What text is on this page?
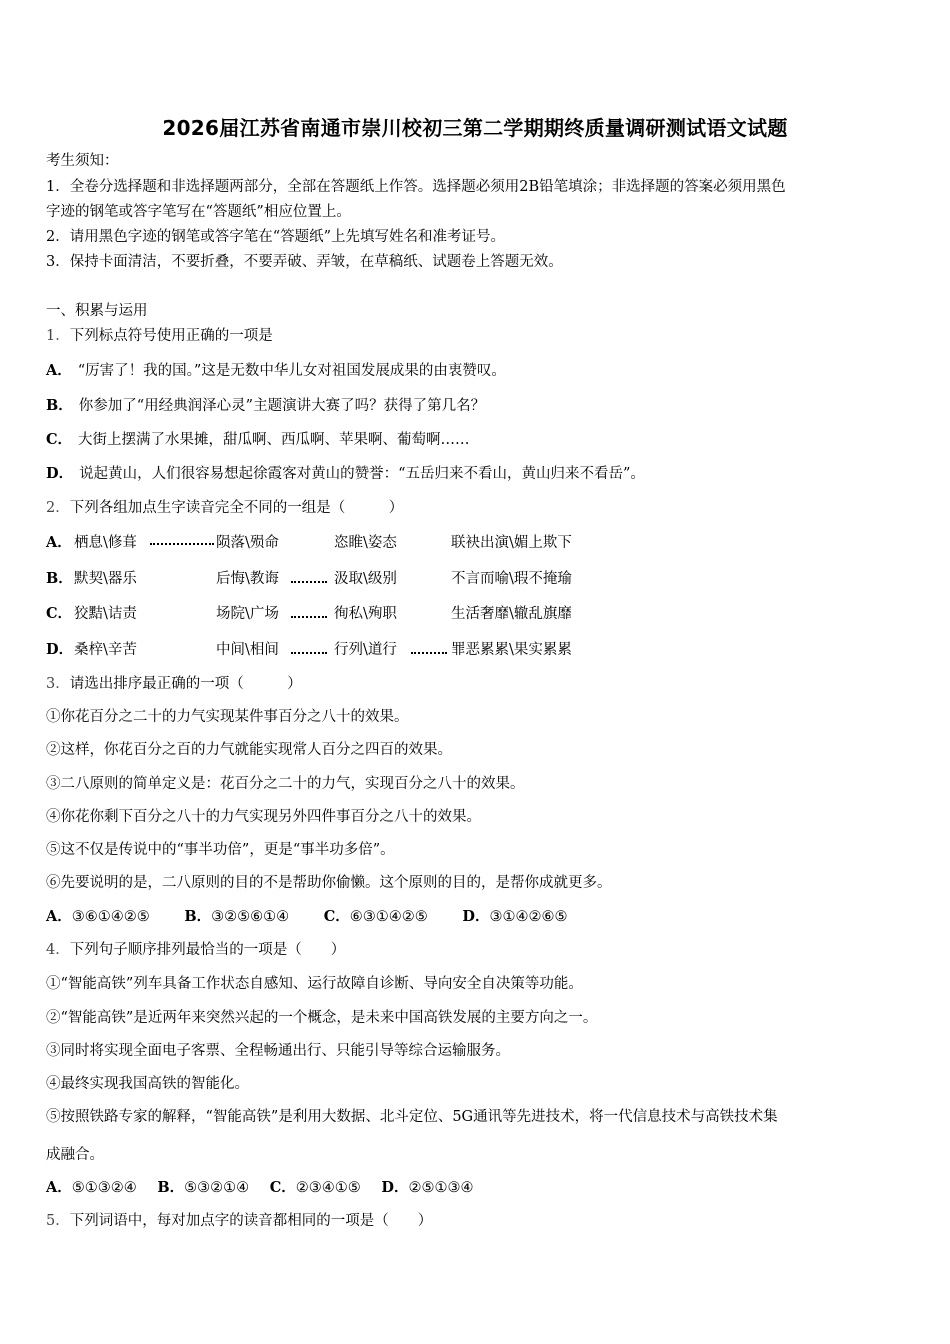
2026届江苏省南通市崇川校初三第二学期期终质量调研测试语文试题
考生须知：
1．全卷分选择题和非选择题两部分，全部在答题纸上作答。选择题必须用2B铅笔填涂；非选择题的答案必须用黑色
字迹的钢笔或答字笔写在“答题纸”相应位置上。
2．请用黑色字迹的钢笔或答字笔在“答题纸”上先填写姓名和准考证号。
3．保持卡面清洁，不要折叠，不要弄破、弄皱，在草稿纸、试题卷上答题无效。
一、积累与运用
1．下列标点符号使用正确的一项是
A． “厉害了！我的国。”这是无数中华儿女对祖国发展成果的由衷赞叹。
B． 你参加了“用经典润泽心灵”主题演讲大赛了吗？获得了第几名？
C． 大街上摆满了水果摊，甜瓜啊、西瓜啊、苹果啊、葡萄啊……
D． 说起黄山，人们很容易想起徐霞客对黄山的赞誉：“五岳归来不看山，黄山归来不看岳”。
2．下列各组加点生字读音完全不同的一组是（　　　）
A． 栖息\修葺	陨落\殒命	恣睢\姿态	联袂出演\媚上欺下
B． 默契\器乐	后悔\教诲	汲取\级别	不言而喻\瑕不掩瑜
C． 狡黠\诘责	场院\广场	徇私\殉职	生活奢靡\辙乱旗靡
D． 桑梓\辛苦	中间\相间	行列\道行	罪恶累累\果实累累
3．请选出排序最正确的一项（　　　）
①你花百分之二十的力气实现某件事百分之八十的效果。
②这样，你花百分之百的力气就能实现常人百分之四百的效果。
③二八原则的简单定义是：花百分之二十的力气，实现百分之八十的效果。
④你花你剩下百分之八十的力气实现另外四件事百分之八十的效果。
⑤这不仅是传说中的“事半功倍”，更是“事半功多倍”。
⑥先要说明的是，二八原则的目的不是帮助你偷懒。这个原则的目的，是帮你成就更多。
A．③⑥①④②⑤ B．③②⑤⑥①④ C．⑥③①④②⑤ D．③①④②⑥⑤
4．下列句子顺序排列最恰当的一项是（　　）
①“智能高铁”列车具备工作状态自感知、运行故障自诊断、导向安全自决策等功能。
②“智能高铁”是近两年来突然兴起的一个概念，是未来中国高铁发展的主要方向之一。
③同时将实现全面电子客票、全程畅通出行、只能引导等综合运输服务。
④最终实现我国高铁的智能化。
⑤按照铁路专家的解释，“智能高铁”是利用大数据、北斗定位、5G通讯等先进技术，将一代信息技术与高铁技术集
成融合。
A．⑤①③②④ B．⑤③②①④ C．②③④①⑤ D．②⑤①③④
5．下列词语中，每对加点字的读音都相同的一项是（　　）
